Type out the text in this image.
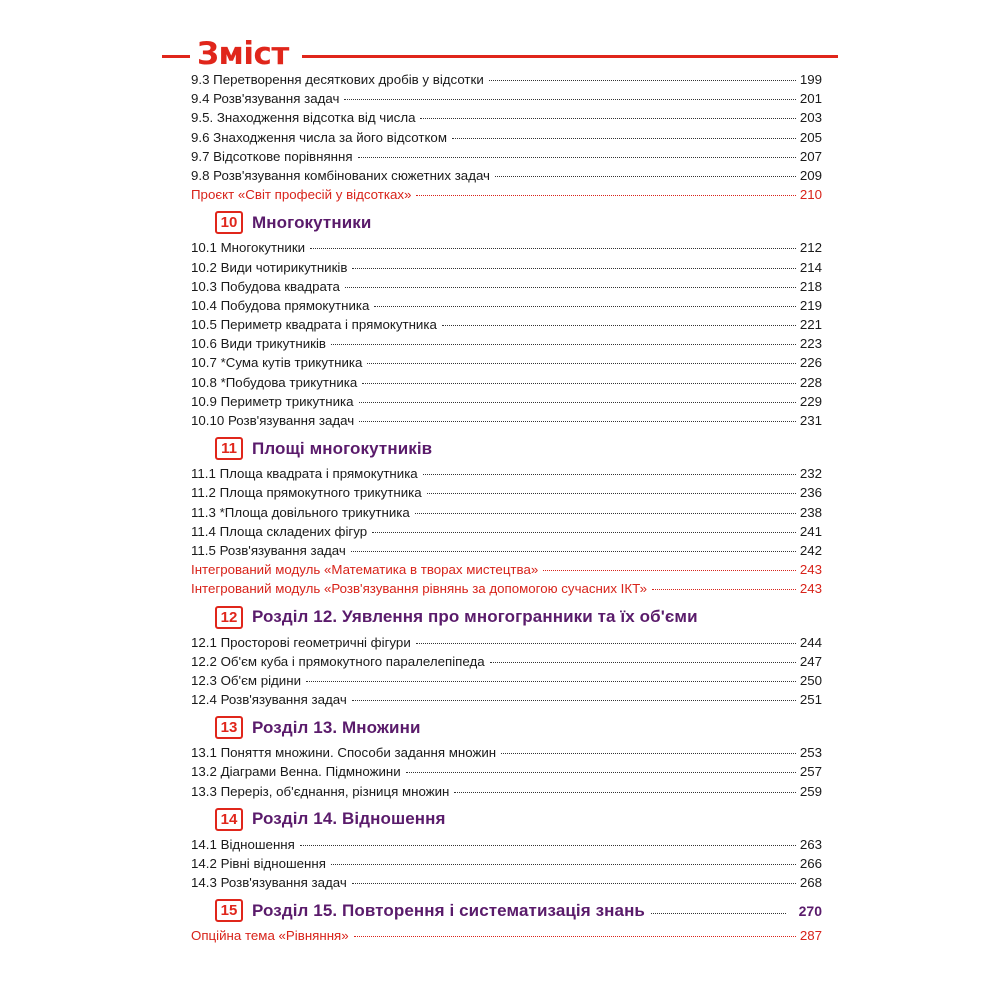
Зміст
9.3 Перетворення десяткових дробів у відсотки	199
9.4 Розв'язування задач	201
9.5. Знаходження відсотка від числа	203
9.6 Знаходження числа за його відсотком	205
9.7 Відсоткове порівняння	207
9.8 Розв'язування комбінованих сюжетних задач	209
Проєкт «Світ професій у відсотках»	210
10 Многокутники
10.1 Многокутники	212
10.2 Види чотирикутників	214
10.3 Побудова квадрата	218
10.4 Побудова прямокутника	219
10.5 Периметр квадрата і прямокутника	221
10.6 Види трикутників	223
10.7 *Сума кутів трикутника	226
10.8 *Побудова трикутника	228
10.9 Периметр трикутника	229
10.10 Розв'язування задач	231
11 Площі многокутників
11.1 Площа квадрата і прямокутника	232
11.2 Площа прямокутного трикутника	236
11.3 *Площа довільного трикутника	238
11.4 Площа складених фігур	241
11.5 Розв'язування задач	242
Інтегрований модуль «Математика в творах мистецтва»	243
Інтегрований модуль «Розв'язування рівнянь за допомогою сучасних ІКТ»	243
12 Розділ 12. Уявлення про многогранники та їх об'єми
12.1 Просторові геометричні фігури	244
12.2 Об'єм куба і прямокутного паралелепіпеда	247
12.3 Об'єм рідини	250
12.4 Розв'язування задач	251
13 Розділ 13. Множини
13.1 Поняття множини. Способи задання множин	253
13.2 Діаграми Венна. Підмножини	257
13.3 Переріз, об'єднання, різниця множин	259
14 Розділ 14. Відношення
14.1 Відношення	263
14.2 Рівні відношення	266
14.3 Розв'язування задач	268
15 Розділ 15. Повторення і систематизація знань	270
Опційна тема «Рівняння»	287
